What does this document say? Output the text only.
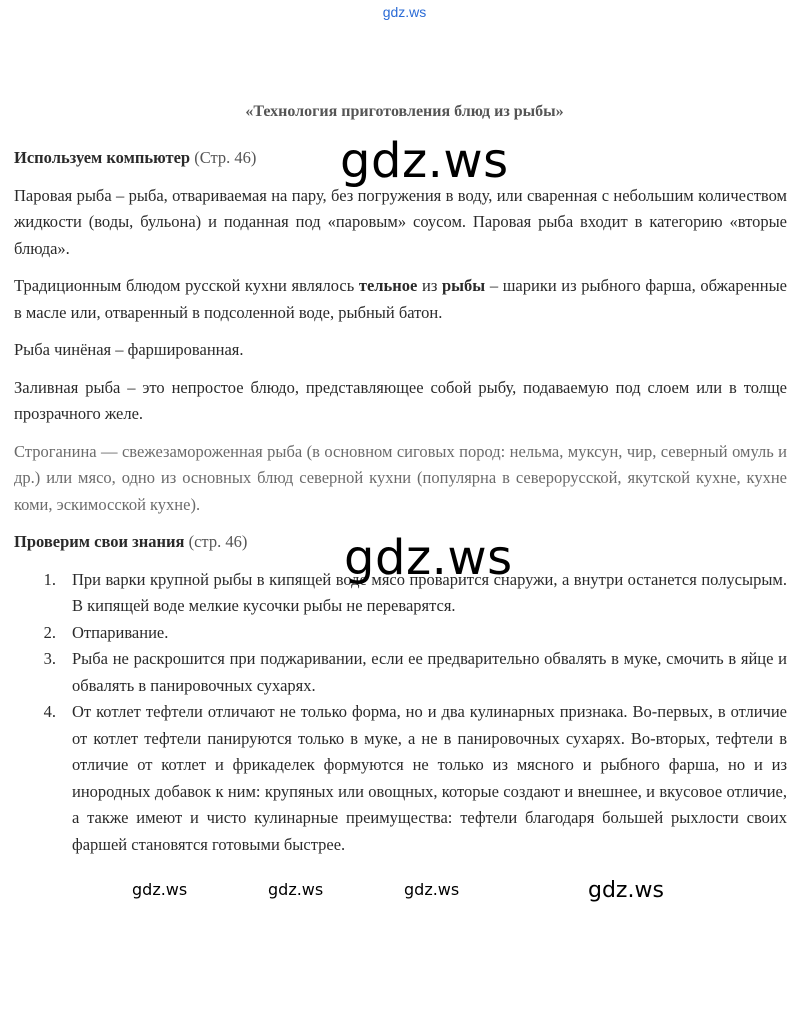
gdz.ws
«Технология приготовления блюд из рыбы»

Используем компьютер (Стр. 46)

Паровая рыба – рыба, отвариваемая на пару, без погружения в воду, или сваренная с небольшим количеством жидкости (воды, бульона) и поданная под «паровым» соусом. Паровая рыба входит в категорию «вторые блюда».

Традиционным блюдом русской кухни являлось тельное из рыбы – шарики из рыбного фарша, обжаренные в масле или, отваренный в подсоленной воде, рыбный батон.

Рыба чинёная – фаршированная.

Заливная рыба – это непростое блюдо, представляющее собой рыбу, подаваемую под слоем или в толще прозрачного желе.

Строганина — свежезамороженная рыба (в основном сиговых пород: нельма, муксун, чир, северный омуль и др.) или мясо, одно из основных блюд северной кухни (популярна в северорусской, якутской кухне, кухне коми, эскимосской кухне).

Проверим свои знания (стр. 46)

1. При варки крупной рыбы в кипящей воде мясо проварится снаружи, а внутри останется полусырым. В кипящей воде мелкие кусочки рыбы не переварятся.
2. Отпаривание.
3. Рыба не раскрошится при поджаривании, если ее предварительно обвалять в муке, смочить в яйце и обвалять в панировочных сухарях.
4. От котлет тефтели отличают не только форма, но и два кулинарных признака. Во-первых, в отличие от котлет тефтели панируются только в муке, а не в панировочных сухарях. Во-вторых, тефтели в отличие от котлет и фрикаделек формуются не только из мясного и рыбного фарша, но и из инородных добавок к ним: крупяных или овощных, которые создают и внешнее, и вкусовое отличие, а также имеют и чисто кулинарные преимущества: тефтели благодаря большей рыхлости своих фаршей становятся готовыми быстрее.
gdz.ws
gdz.ws
gdz.ws	gdz.ws	gdz.ws	gdz.ws
